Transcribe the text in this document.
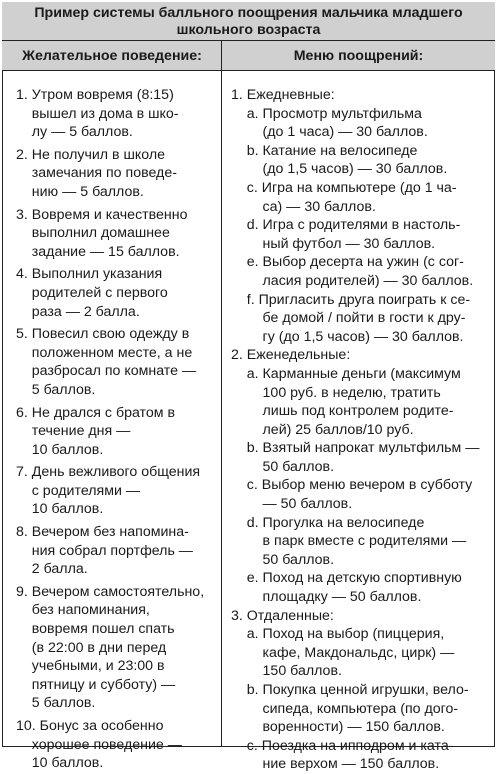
Пример системы балльного поощрения мальчика младшего
школьного возраста
Желательное поведение:	Меню поощрений:
1. Утром вовремя (8:15)
вышел из дома в шко-
лу — 5 баллов.
2. Не получил в школе
замечания по поведе-
нию — 5 баллов.
3. Вовремя и качественно
выполнил домашнее
задание — 15 баллов.
4. Выполнил указания
родителей с первого
раза — 2 балла.
5. Повесил свою одежду в
положенном месте, а не
разбросал по комнате —
5 баллов.
6. Не дрался с братом в
течение дня —
10 баллов.
7. День вежливого общения
с родителями —
10 баллов.
8. Вечером без напомина-
ния собрал портфель —
2 балла.
9. Вечером самостоятельно,
без напоминания,
вовремя пошел спать
(в 22:00 в дни перед
учебными, и 23:00 в
пятницу и субботу) —
5 баллов.
10. Бонус за особенно
хорошее поведение —
10 баллов.
1. Ежедневные:
a. Просмотр мультфильма
(до 1 часа) — 30 баллов.
b. Катание на велосипеде
(до 1,5 часов) — 30 баллов.
c. Игра на компьютере (до 1 ча-
са) — 30 баллов.
d. Игра с родителями в настоль-
ный футбол — 30 баллов.
e. Выбор десерта на ужин (с сог-
ласия родителей) — 30 баллов.
f. Пригласить друга поиграть к се-
бе домой / пойти в гости к дру-
гу (до 1,5 часов) — 30 баллов.
2. Еженедельные:
a. Карманные деньги (максимум
100 руб. в неделю, тратить
лишь под контролем родите-
лей) 25 баллов/10 руб.
b. Взятый напрокат мультфильм —
50 баллов.
c. Выбор меню вечером в субботу
— 50 баллов.
d. Прогулка на велосипеде
в парк вместе с родителями —
50 баллов.
e. Поход на детскую спортивную
площадку — 50 баллов.
3. Отдаленные:
a. Поход на выбор (пиццерия,
кафе, Макдональдс, цирк) —
150 баллов.
b. Покупка ценной игрушки, вело-
сипеда, компьютера (по дого-
воренности) — 150 баллов.
c. Поездка на ипподром и ката-
ние верхом — 150 баллов.
